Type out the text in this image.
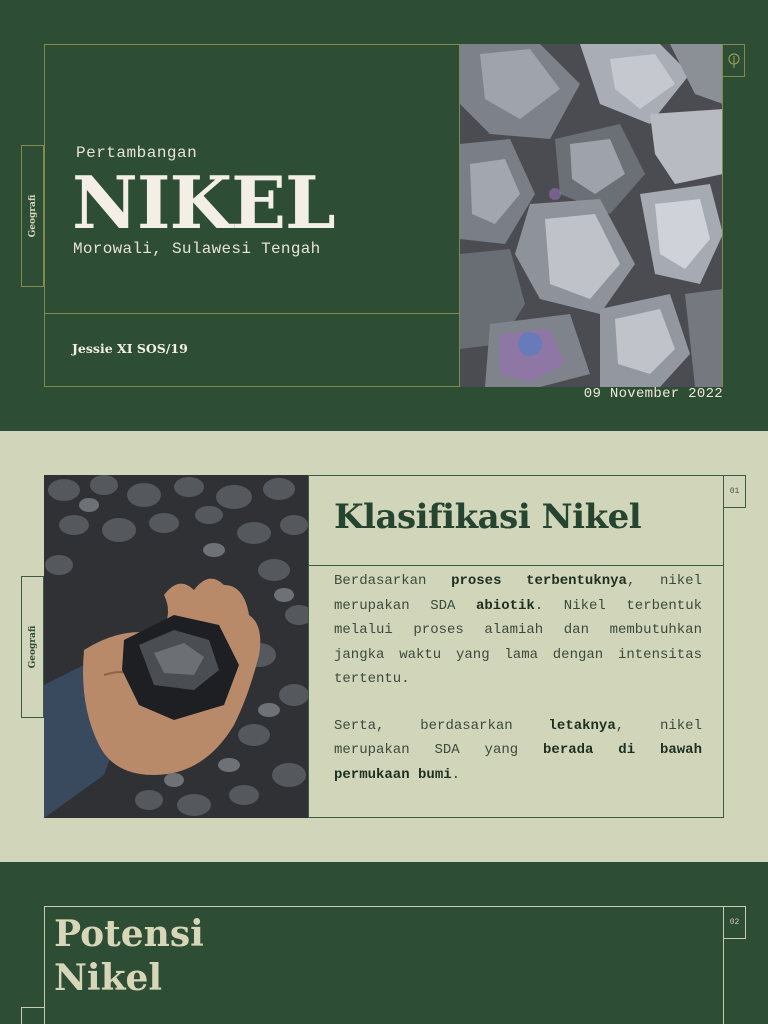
Geografi
Pertambangan
NIKEL
Morowali, Sulawesi Tengah
Jessie XI SOS/19
09 November 2022
01
Geografi
Klasifikasi Nikel

Berdasarkan proses terbentuknya, nikel merupakan SDA abiotik. Nikel terbentuk melalui proses alamiah dan membutuhkan jangka waktu yang lama dengan intensitas tertentu.

Serta, berdasarkan letaknya, nikel merupakan SDA yang berada di bawah permukaan bumi.

02
Potensi
Nikel
